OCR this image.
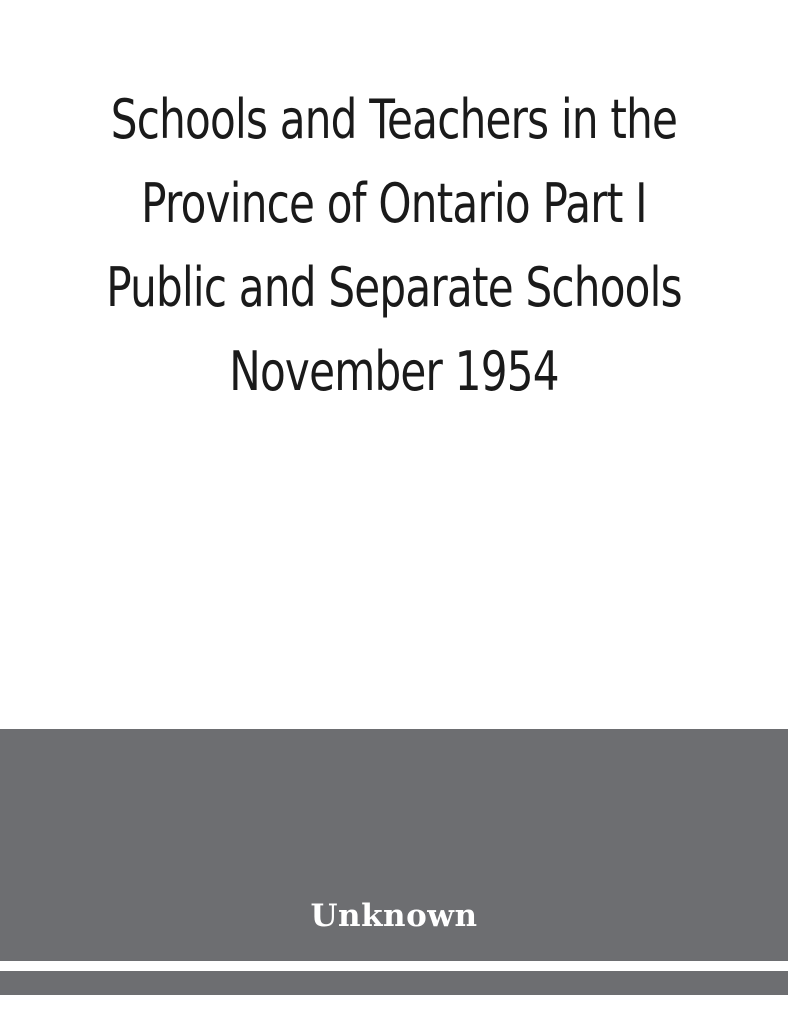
Schools and Teachers in the
Province of Ontario Part I
Public and Separate Schools
November 1954
Unknown
